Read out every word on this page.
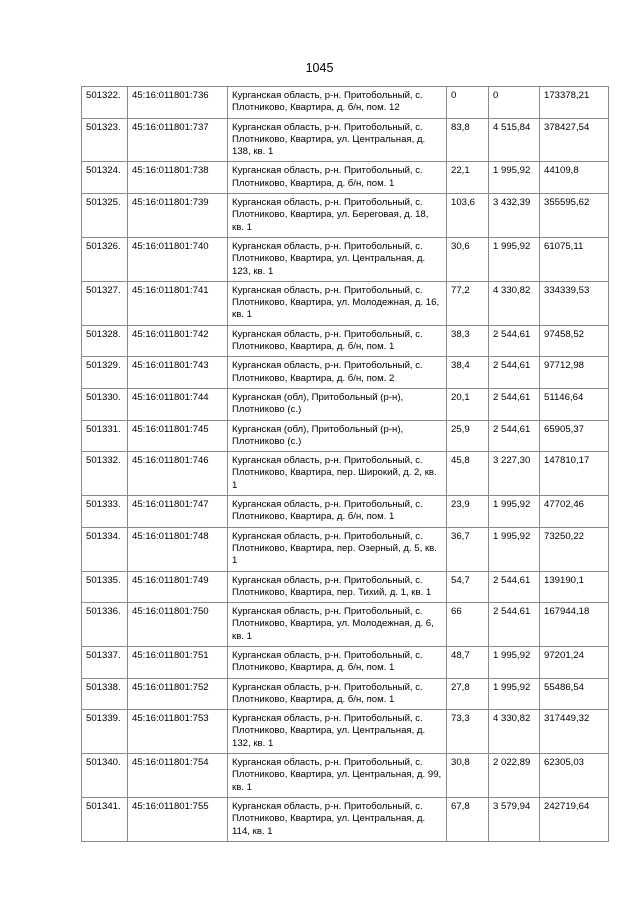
1045
501322.	45:16:011801:736	Курганская область, р-н. Притобольный, с. Плотниково, Квартира, д. б/н, пом. 12	0	0	173378,21
501323.	45:16:011801:737	Курганская область, р-н. Притобольный, с. Плотниково, Квартира, ул. Центральная, д. 138, кв. 1	83,8	4 515,84	378427,54
501324.	45:16:011801:738	Курганская область, р-н. Притобольный, с. Плотниково, Квартира, д. б/н, пом. 1	22,1	1 995,92	44109,8
501325.	45:16:011801:739	Курганская область, р-н. Притобольный, с. Плотниково, Квартира, ул. Береговая, д. 18, кв. 1	103,6	3 432,39	355595,62
501326.	45:16:011801:740	Курганская область, р-н. Притобольный, с. Плотниково, Квартира, ул. Центральная, д. 123, кв. 1	30,6	1 995,92	61075,11
501327.	45:16:011801:741	Курганская область, р-н. Притобольный, с. Плотниково, Квартира, ул. Молодежная, д. 16, кв. 1	77,2	4 330,82	334339,53
501328.	45:16:011801:742	Курганская область, р-н. Притобольный, с. Плотниково, Квартира, д. б/н, пом. 1	38,3	2 544,61	97458,52
501329.	45:16:011801:743	Курганская область, р-н. Притобольный, с. Плотниково, Квартира, д. б/н, пом. 2	38,4	2 544,61	97712,98
501330.	45:16:011801:744	Курганская (обл), Притобольный (р-н), Плотниково (с.)	20,1	2 544,61	51146,64
501331.	45:16:011801:745	Курганская (обл), Притобольный (р-н), Плотниково (с.)	25,9	2 544,61	65905,37
501332.	45:16:011801:746	Курганская область, р-н. Притобольный, с. Плотниково, Квартира, пер. Широкий, д. 2, кв. 1	45,8	3 227,30	147810,17
501333.	45:16:011801:747	Курганская область, р-н. Притобольный, с. Плотниково, Квартира, д. б/н, пом. 1	23,9	1 995,92	47702,46
501334.	45:16:011801:748	Курганская область, р-н. Притобольный, с. Плотниково, Квартира, пер. Озерный, д. 5, кв. 1	36,7	1 995,92	73250,22
501335.	45:16:011801:749	Курганская область, р-н. Притобольный, с. Плотниково, Квартира, пер. Тихий, д. 1, кв. 1	54,7	2 544,61	139190,1
501336.	45:16:011801:750	Курганская область, р-н. Притобольный, с. Плотниково, Квартира, ул. Молодежная, д. 6, кв. 1	66	2 544,61	167944,18
501337.	45:16:011801:751	Курганская область, р-н. Притобольный, с. Плотниково, Квартира, д. б/н, пом. 1	48,7	1 995,92	97201,24
501338.	45:16:011801:752	Курганская область, р-н. Притобольный, с. Плотниково, Квартира, д. б/н, пом. 1	27,8	1 995,92	55486,54
501339.	45:16:011801:753	Курганская область, р-н. Притобольный, с. Плотниково, Квартира, ул. Центральная, д. 132, кв. 1	73,3	4 330,82	317449,32
501340.	45:16:011801:754	Курганская область, р-н. Притобольный, с. Плотниково, Квартира, ул. Центральная, д. 99, кв. 1	30,8	2 022,89	62305,03
501341.	45:16:011801:755	Курганская область, р-н. Притобольный, с. Плотниково, Квартира, ул. Центральная, д. 114, кв. 1	67,8	3 579,94	242719,64
